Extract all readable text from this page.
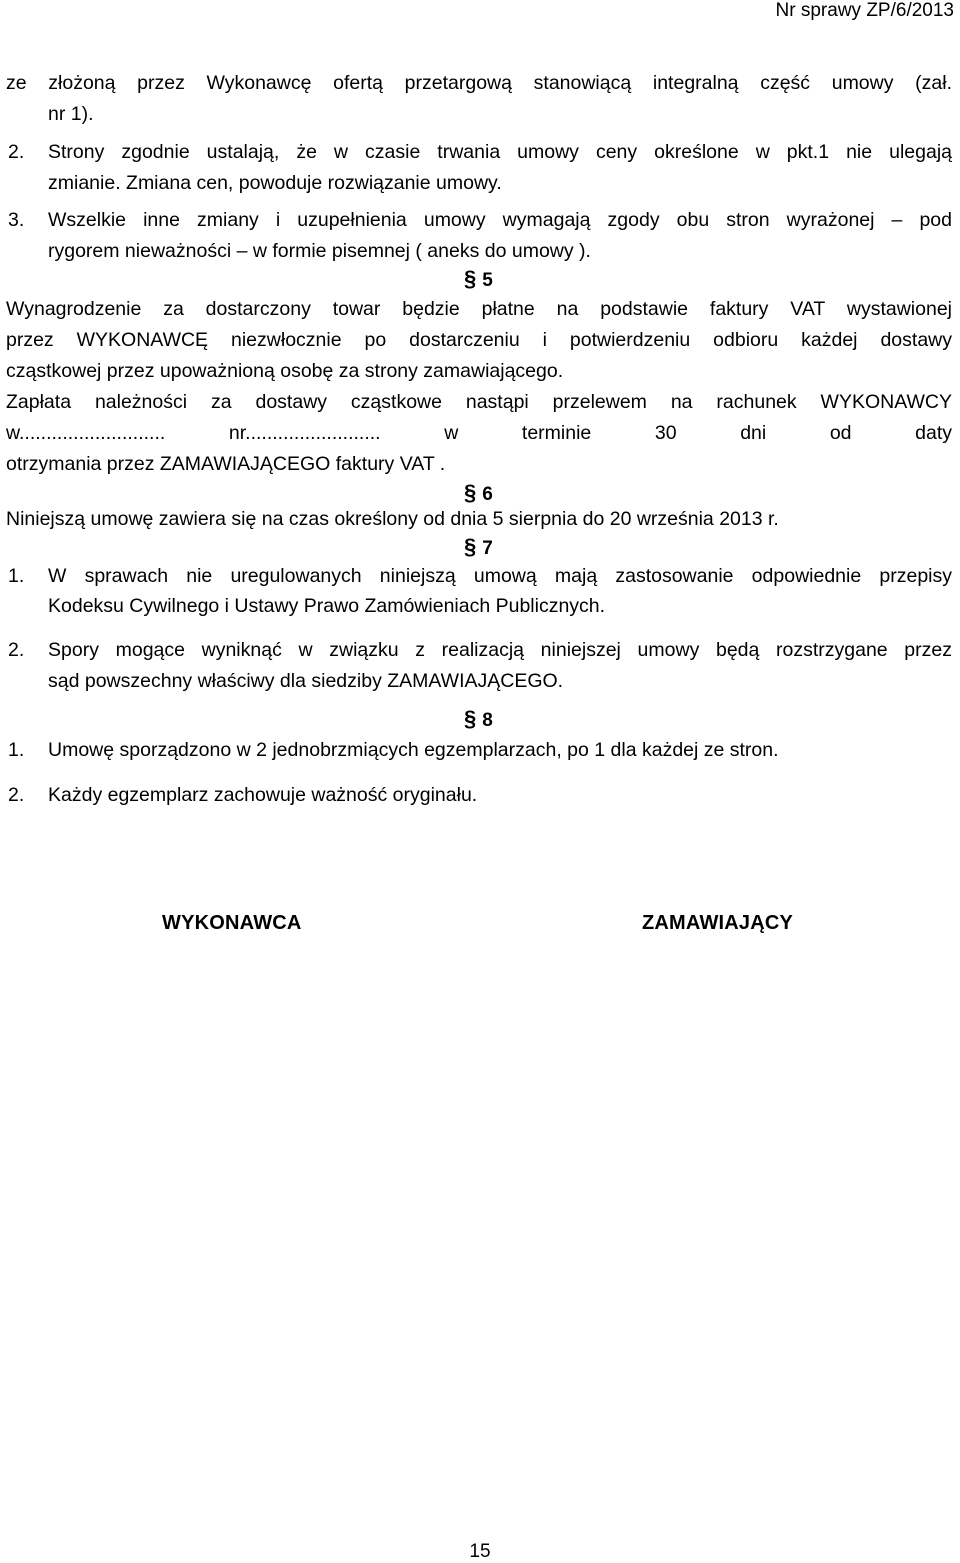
Nr sprawy ZP/6/2013
ze złożoną przez Wykonawcę ofertą przetargową stanowiącą integralną część umowy (zał.
nr 1).
2. Strony zgodnie ustalają, że w czasie trwania umowy ceny określone w pkt.1 nie ulegają
zmianie. Zmiana cen, powoduje rozwiązanie umowy.
3. Wszelkie inne zmiany i uzupełnienia umowy wymagają zgody obu stron wyrażonej – pod
rygorem nieważności – w formie pisemnej ( aneks do umowy ).
§ 5
Wynagrodzenie za dostarczony towar będzie płatne na podstawie faktury VAT wystawionej
przez WYKONAWCĘ niezwłocznie po dostarczeniu i potwierdzeniu odbioru każdej dostawy
cząstkowej przez upoważnioną osobę za strony zamawiającego.
Zapłata należności za dostawy cząstkowe nastąpi przelewem na rachunek WYKONAWCY
w........................... nr......................... w terminie 30 dni od daty
otrzymania przez ZAMAWIAJĄCEGO faktury VAT .
§ 6
Niniejszą umowę zawiera się na czas określony od dnia 5 sierpnia do 20 września 2013 r.
§ 7
1. W sprawach nie uregulowanych niniejszą umową mają zastosowanie odpowiednie przepisy
Kodeksu Cywilnego i Ustawy Prawo Zamówieniach Publicznych.
2. Spory mogące wyniknąć w związku z realizacją niniejszej umowy będą rozstrzygane przez
sąd powszechny właściwy dla siedziby ZAMAWIAJĄCEGO.
§ 8
1. Umowę sporządzono w 2 jednobrzmiących egzemplarzach, po 1 dla każdej ze stron.
2. Każdy egzemplarz zachowuje ważność oryginału.
WYKONAWCA	ZAMAWIAJĄCY
15
